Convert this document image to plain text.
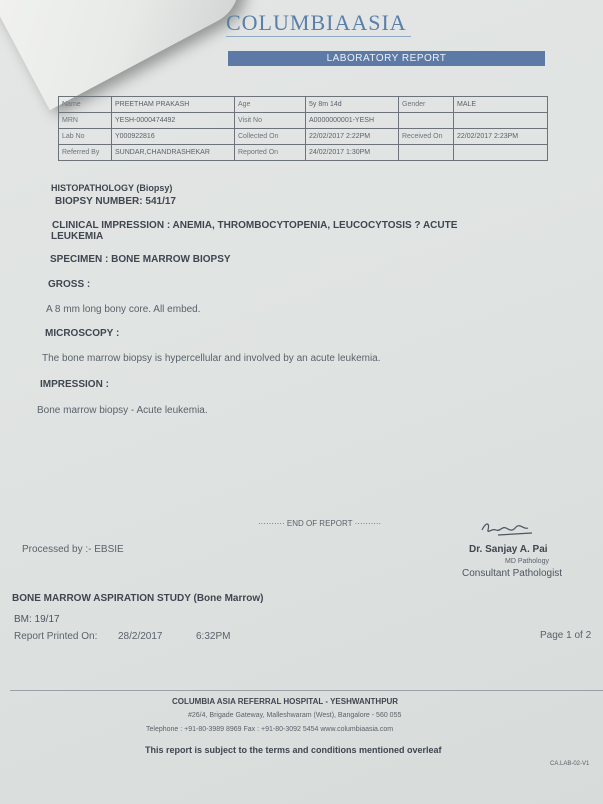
COLUMBIAASIA
LABORATORY REPORT
Name	PREETHAM PRAKASH	Age	5y 8m 14d	Gender	MALE
MRN	YESH-0000474492	Visit No	A0000000001-YESH		
Lab No	Y000922816	Collected On	22/02/2017 2:22PM	Received On	22/02/2017 2:23PM
Referred By	SUNDAR,CHANDRASHEKAR	Reported On	24/02/2017 1:30PM		
HISTOPATHOLOGY (Biopsy)
BIOPSY NUMBER: 541/17
CLINICAL IMPRESSION : ANEMIA, THROMBOCYTOPENIA, LEUCOCYTOSIS ? ACUTE
LEUKEMIA
SPECIMEN : BONE MARROW BIOPSY
GROSS :
A 8 mm long bony core. All embed.
MICROSCOPY :
The bone marrow biopsy is hypercellular and involved by an acute leukemia.
IMPRESSION :
Bone marrow biopsy - Acute leukemia.
·········· END OF REPORT ··········
Processed by :- EBSIE	Dr. Sanjay A. Pai
MD Pathology
Consultant Pathologist
BONE MARROW ASPIRATION STUDY (Bone Marrow)
BM: 19/17
Report Printed On: 28/2/2017	6:32PM	Page 1 of 2
COLUMBIA ASIA REFERRAL HOSPITAL - YESHWANTHPUR
#26/4, Brigade Gateway, Malleshwaram (West), Bangalore - 560 055
Telephone : +91-80-3989 8969 Fax : +91-80-3092 5454 www.columbiaasia.com
This report is subject to the terms and conditions mentioned overleaf
CA.LAB-02-V1
